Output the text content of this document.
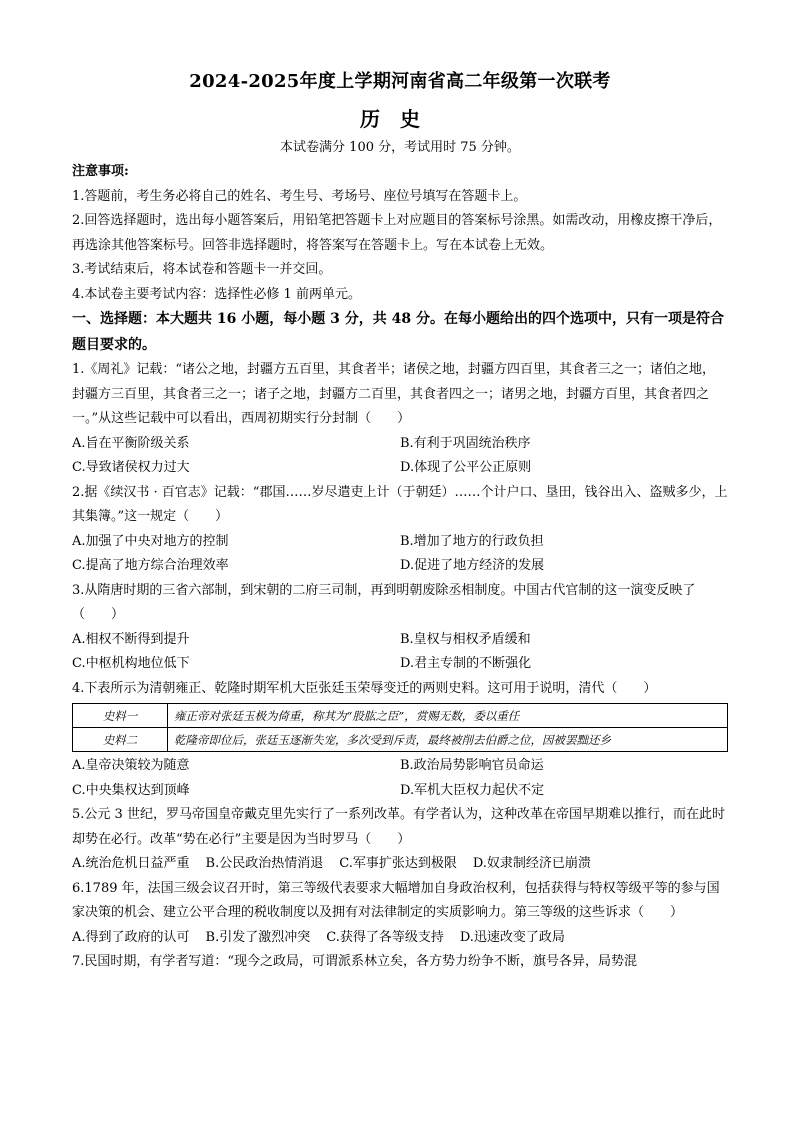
2024-2025年度上学期河南省高二年级第一次联考
历史
本试卷满分 100 分，考试用时 75 分钟。
注意事项:

1.答题前，考生务必将自己的姓名、考生号、考场号、座位号填写在答题卡上。

2.回答选择题时，选出每小题答案后，用铅笔把答题卡上对应题目的答案标号涂黑。如需改动，用橡皮擦干净后，再选涂其他答案标号。回答非选择题时，将答案写在答题卡上。写在本试卷上无效。

3.考试结束后，将本试卷和答题卡一并交回。

4.本试卷主要考试内容：选择性必修 1 前两单元。

一、选择题：本大题共 16 小题，每小题 3 分，共 48 分。在每小题给出的四个选项中，只有一项是符合题目要求的。

1.《周礼》记载：“诸公之地，封疆方五百里，其食者半；诸侯之地，封疆方四百里，其食者三之一；诸伯之地，封疆方三百里，其食者三之一；诸子之地，封疆方二百里，其食者四之一；诸男之地，封疆方百里，其食者四之一。”从这些记载中可以看出，西周初期实行分封制（　　）

A.旨在平衡阶级关系	B.有利于巩固统治秩序
C.导致诸侯权力过大	D.体现了公平公正原则

2.据《续汉书 · 百官志》记载：“郡国……岁尽遣吏上计（于朝廷）……个计户口、垦田，钱谷出入、盗贼多少，上其集簿。”这一规定（　　）

A.加强了中央对地方的控制	B.增加了地方的行政负担
C.提高了地方综合治理效率	D.促进了地方经济的发展

3.从隋唐时期的三省六部制，到宋朝的二府三司制，再到明朝废除丞相制度。中国古代官制的这一演变反映了（　　）

A.相权不断得到提升	B.皇权与相权矛盾缓和
C.中枢机构地位低下	D.君主专制的不断强化

4.下表所示为清朝雍正、乾隆时期军机大臣张廷玉荣辱变迁的两则史料。这可用于说明，清代（　　）

史料一	雍正帝对张廷玉极为倚重，称其为“股肱之臣”，赏赐无数，委以重任
史料二	乾隆帝即位后，张廷玉逐渐失宠，多次受到斥责，最终被削去伯爵之位，因被罢黜还乡
A.皇帝决策较为随意	B.政治局势影响官员命运
C.中央集权达到顶峰	D.军机大臣权力起伏不定

5.公元 3 世纪，罗马帝国皇帝戴克里先实行了一系列改革。有学者认为，这种改革在帝国早期难以推行，而在此时却势在必行。改革“势在必行”主要是因为当时罗马（　　）

A.统治危机日益严重 B.公民政治热情消退 C.军事扩张达到极限 D.奴隶制经济已崩溃

6.1789 年，法国三级会议召开时，第三等级代表要求大幅增加自身政治权利，包括获得与特权等级平等的参与国家决策的机会、建立公平合理的税收制度以及拥有对法律制定的实质影响力。第三等级的这些诉求（　　）

A.得到了政府的认可 B.引发了激烈冲突 C.获得了各等级支持 D.迅速改变了政局

7.民国时期，有学者写道：“现今之政局，可谓派系林立矣，各方势力纷争不断，旗号各异，局势混
